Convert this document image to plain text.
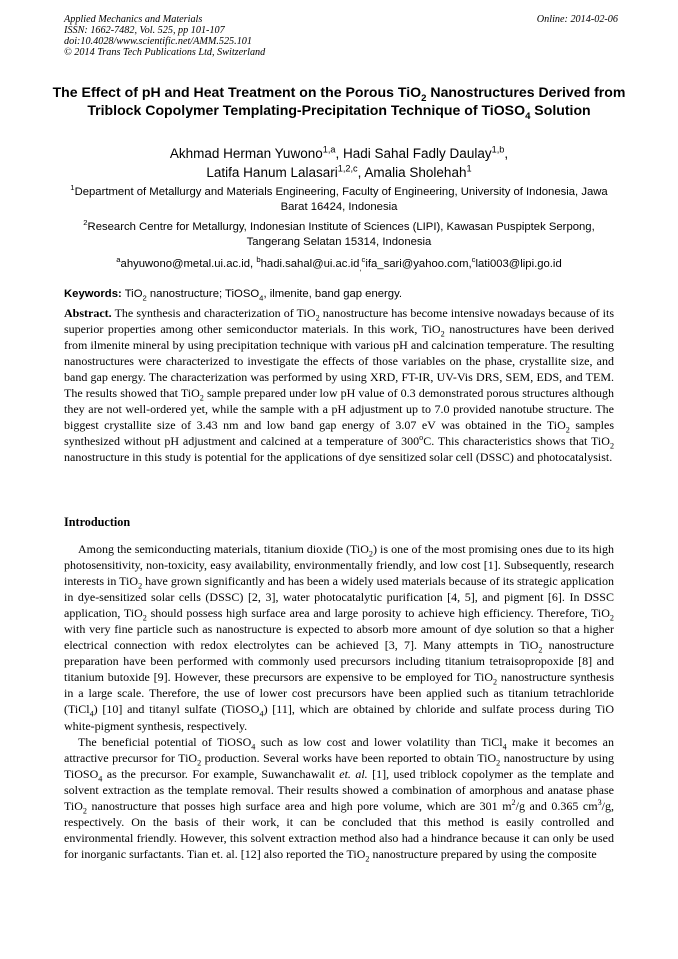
Applied Mechanics and Materials
ISSN: 1662-7482, Vol. 525, pp 101-107
doi:10.4028/www.scientific.net/AMM.525.101
© 2014 Trans Tech Publications Ltd, Switzerland
Online: 2014-02-06
The Effect of pH and Heat Treatment on the Porous TiO$_2$ Nanostructures Derived from Triblock Copolymer Templating-Precipitation Technique of TiOSO$_4$ Solution
Akhmad Herman Yuwono$^{1,a}$, Hadi Sahal Fadly Daulay$^{1,b}$,
Latifa Hanum Lalasari$^{1,2,c}$, Amalia Sholehah$^1$
$^1$Department of Metallurgy and Materials Engineering, Faculty of Engineering, University of Indonesia, Jawa Barat 16424, Indonesia
$^2$Research Centre for Metallurgy, Indonesian Institute of Sciences (LIPI), Kawasan Puspiptek Serpong, Tangerang Selatan 15314, Indonesia
$^a$ahyuwono@metal.ui.ac.id, $^bhadi.sahal@ui.ac.id_,^cifa\_sari@yahoo.com,^clati003@lipi.go.id$
Keywords: TiO$_2$ nanostructure; TiOSO$_4$, ilmenite, band gap energy.
Abstract. The synthesis and characterization of TiO$_2$ nanostructure has become intensive nowadays because of its superior properties among other semiconductor materials. In this work, TiO$_2$ nanostructures have been derived from ilmenite mineral by using precipitation technique with various pH and calcination temperature. The resulting nanostructures were characterized to investigate the effects of those variables on the phase, crystallite size, and band gap energy. The characterization was performed by using XRD, FT-IR, UV-Vis DRS, SEM, EDS, and TEM. The results showed that TiO$_2$ sample prepared under low pH value of 0.3 demonstrated porous structures although they are not well-ordered yet, while the sample with a pH adjustment up to 7.0 provided nanotube structure. The biggest crystallite size of 3.43 nm and low band gap energy of 3.07 eV was obtained in the TiO$_2$ samples synthesized without pH adjustment and calcined at a temperature of 300$^o$C. This characteristics shows that TiO$_2$ nanostructure in this study is potential for the applications of dye sensitized solar cell (DSSC) and photocatalysist.
Introduction

Among the semiconducting materials, titanium dioxide (TiO$_2$) is one of the most promising ones due to its high photosensitivity, non-toxicity, easy availability, environmentally friendly, and low cost [1]. Subsequently, research interests in TiO$_2$ have grown significantly and has been a widely used materials because of its strategic application in dye-sensitized solar cells (DSSC) [2, 3], water photocatalytic purification [4, 5], and pigment [6]. In DSSC application, TiO$_2$ should possess high surface area and large porosity to achieve high efficiency. Therefore, TiO$_2$ with very fine particle such as nanostructure is expected to absorb more amount of dye solution so that a higher electrical connection with redox electrolytes can be achieved [3, 7]. Many attempts in TiO$_2$ nanostructure preparation have been performed with commonly used precursors including titanium tetraisopropoxide [8] and titanium butoxide [9]. However, these precursors are expensive to be employed for TiO$_2$ nanostructure synthesis in a large scale. Therefore, the use of lower cost precursors have been applied such as titanium tetrachloride (TiCl$_4$) [10] and titanyl sulfate (TiOSO$_4$) [11], which are obtained by chloride and sulfate process during TiO white-pigment synthesis, respectively.

The beneficial potential of TiOSO$_4$ such as low cost and lower volatility than TiCl$_4$ make it becomes an attractive precursor for TiO$_2$ production. Several works have been reported to obtain TiO$_2$ nanostructure by using TiOSO$_4$ as the precursor. For example, Suwanchawalit et. al. [1], used triblock copolymer as the template and solvent extraction as the template removal. Their results showed a combination of amorphous and anatase phase TiO$_2$ nanostructure that posses high surface area and high pore volume, which are 301 $m^2/g$ and 0.365 $cm^3/g$, respectively. On the basis of their work, it can be concluded that this method is easily controlled and environmental friendly. However, this solvent extraction method also had a hindrance because it can only be used for inorganic surfactants. Tian et. al. [12] also reported the TiO$_2$ nanostructure prepared by using the composite
